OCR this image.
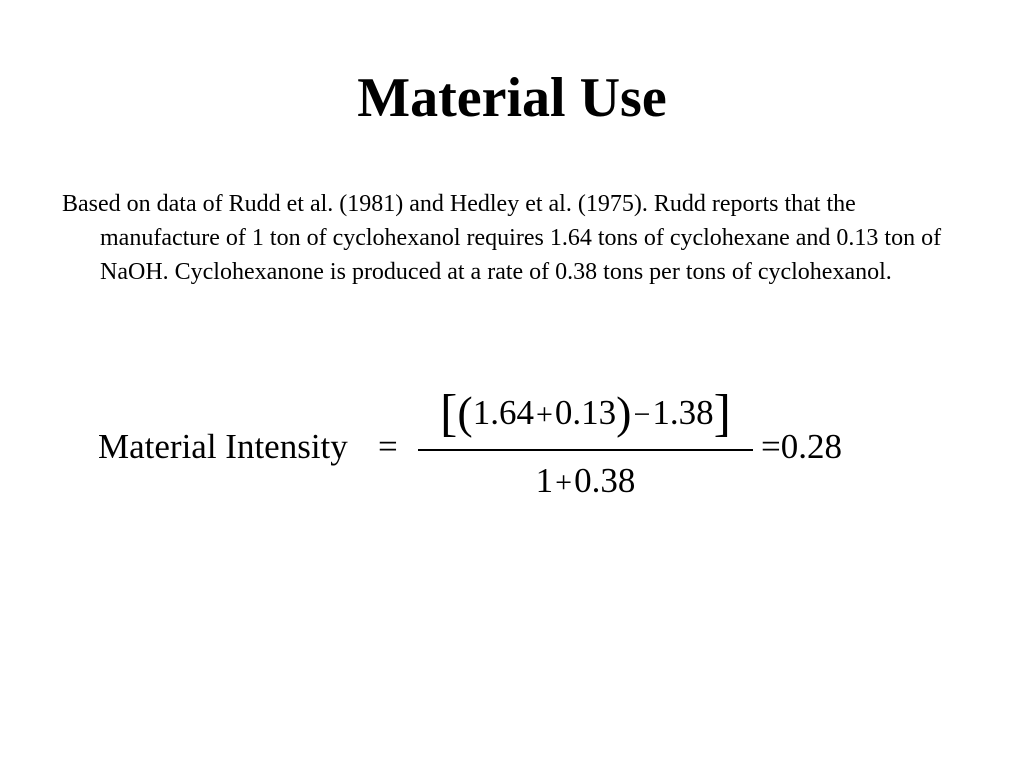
Material Use

Based on data of Rudd et al. (1981) and Hedley et al. (1975). Rudd reports that the manufacture of 1 ton of cyclohexanol requires 1.64 tons of cyclohexane and 0.13 ton of NaOH. Cyclohexanone is produced at a rate of 0.38 tons per tons of cyclohexanol.

Material Intensity =
[(1.64+0.13)−1.38]
1+0.38
=0.28
